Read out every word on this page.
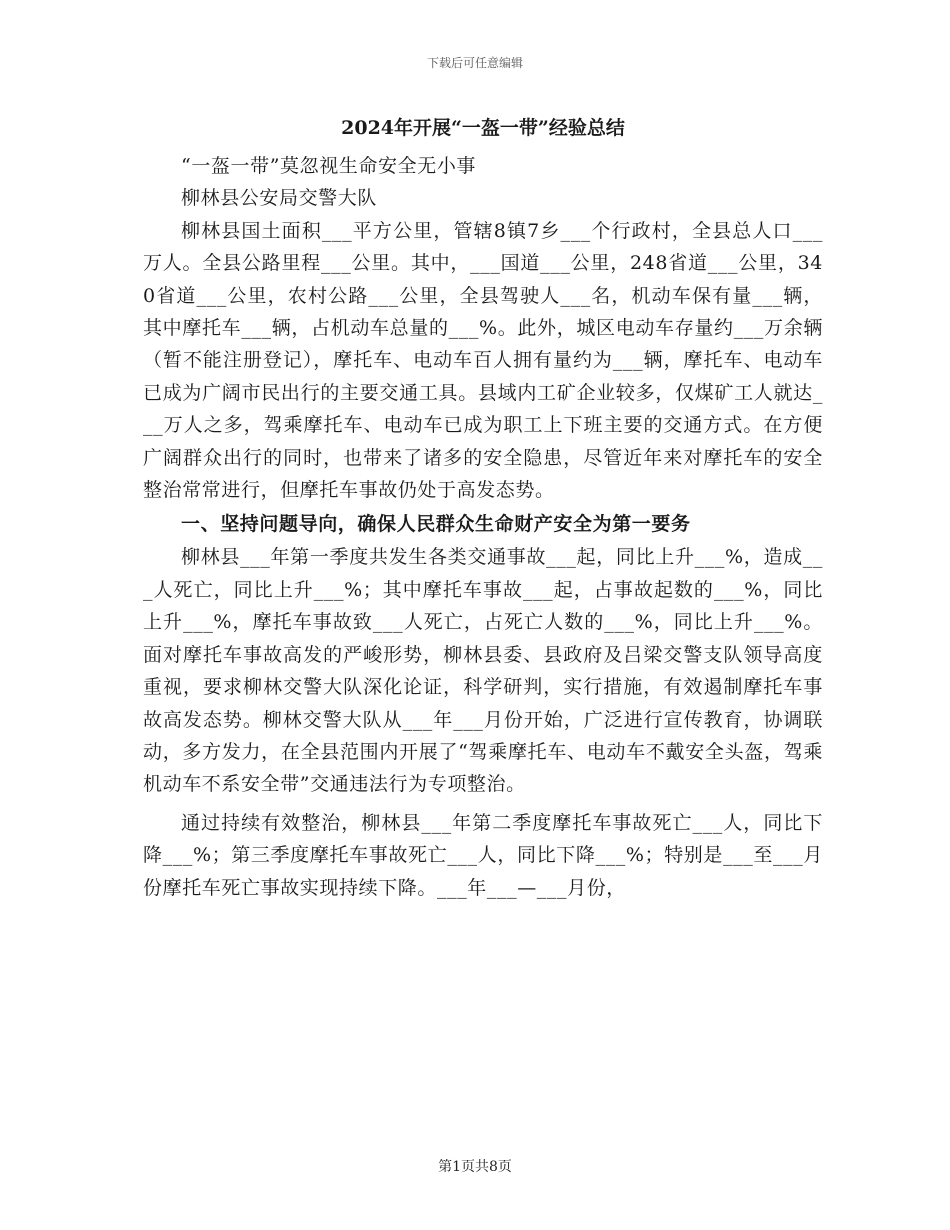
下载后可任意编辑
2024年开展“一盔一带”经验总结

“一盔一带”莫忽视生命安全无小事

柳林县公安局交警大队

柳林县国土面积___平方公里，管辖8镇7乡___个行政村，全县总人口___万人。全县公路里程___公里。其中，___国道___公里，248省道___公里，340省道___公里，农村公路___公里，全县驾驶人___名，机动车保有量___辆，其中摩托车___辆，占机动车总量的___%。此外，城区电动车存量约___万余辆（暂不能注册登记），摩托车、电动车百人拥有量约为___辆，摩托车、电动车已成为广阔市民出行的主要交通工具。县域内工矿企业较多，仅煤矿工人就达___万人之多，驾乘摩托车、电动车已成为职工上下班主要的交通方式。在方便广阔群众出行的同时，也带来了诸多的安全隐患，尽管近年来对摩托车的安全整治常常进行，但摩托车事故仍处于高发态势。

一、坚持问题导向，确保人民群众生命财产安全为第一要务

柳林县___年第一季度共发生各类交通事故___起，同比上升___%，造成___人死亡，同比上升___%；其中摩托车事故___起，占事故起数的___%，同比上升___%，摩托车事故致___人死亡，占死亡人数的___%，同比上升___%。面对摩托车事故高发的严峻形势，柳林县委、县政府及吕梁交警支队领导高度重视，要求柳林交警大队深化论证，科学研判，实行措施，有效遏制摩托车事故高发态势。柳林交警大队从___年___月份开始，广泛进行宣传教育，协调联动，多方发力，在全县范围内开展了“驾乘摩托车、电动车不戴安全头盔，驾乘机动车不系安全带”交通违法行为专项整治。

通过持续有效整治，柳林县___年第二季度摩托车事故死亡___人，同比下降___%；第三季度摩托车事故死亡___人，同比下降___%；特别是___至___月份摩托车死亡事故实现持续下降。___年___—___月份，

第1页共8页
